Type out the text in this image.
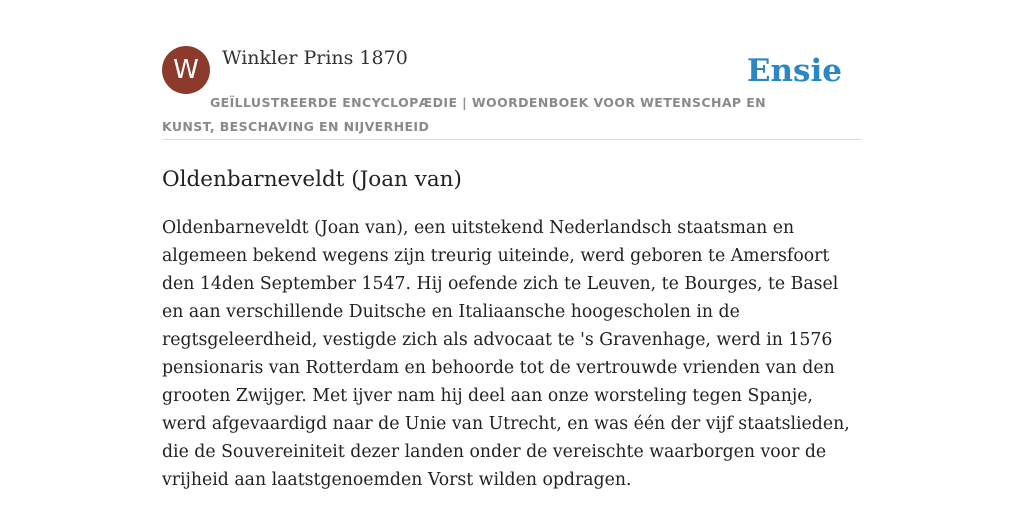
W	Winkler Prins 1870	Ensie
GEÏLLUSTREERDE ENCYCLOPÆDIE | WOORDENBOEK VOOR WETENSCHAP EN KUNST, BESCHAVING EN NIJVERHEID
Oldenbarneveldt (Joan van)

Oldenbarneveldt (Joan van), een uitstekend Nederlandsch staatsman en algemeen bekend wegens zijn treurig uiteinde, werd geboren te Amersfoort den 14den September 1547. Hij oefende zich te Leuven, te Bourges, te Basel en aan verschillende Duitsche en Italiaansche hoogescholen in de regtsgeleerdheid, vestigde zich als advocaat te 's Gravenhage, werd in 1576 pensionaris van Rotterdam en behoorde tot de vertrouwde vrienden van den grooten Zwijger. Met ijver nam hij deel aan onze worsteling tegen Spanje, werd afgevaardigd naar de Unie van Utrecht, en was één der vijf staatslieden, die de Souvereiniteit dezer landen onder de vereischte waarborgen voor de vrijheid aan laatstgenoemden Vorst wilden opdragen.
